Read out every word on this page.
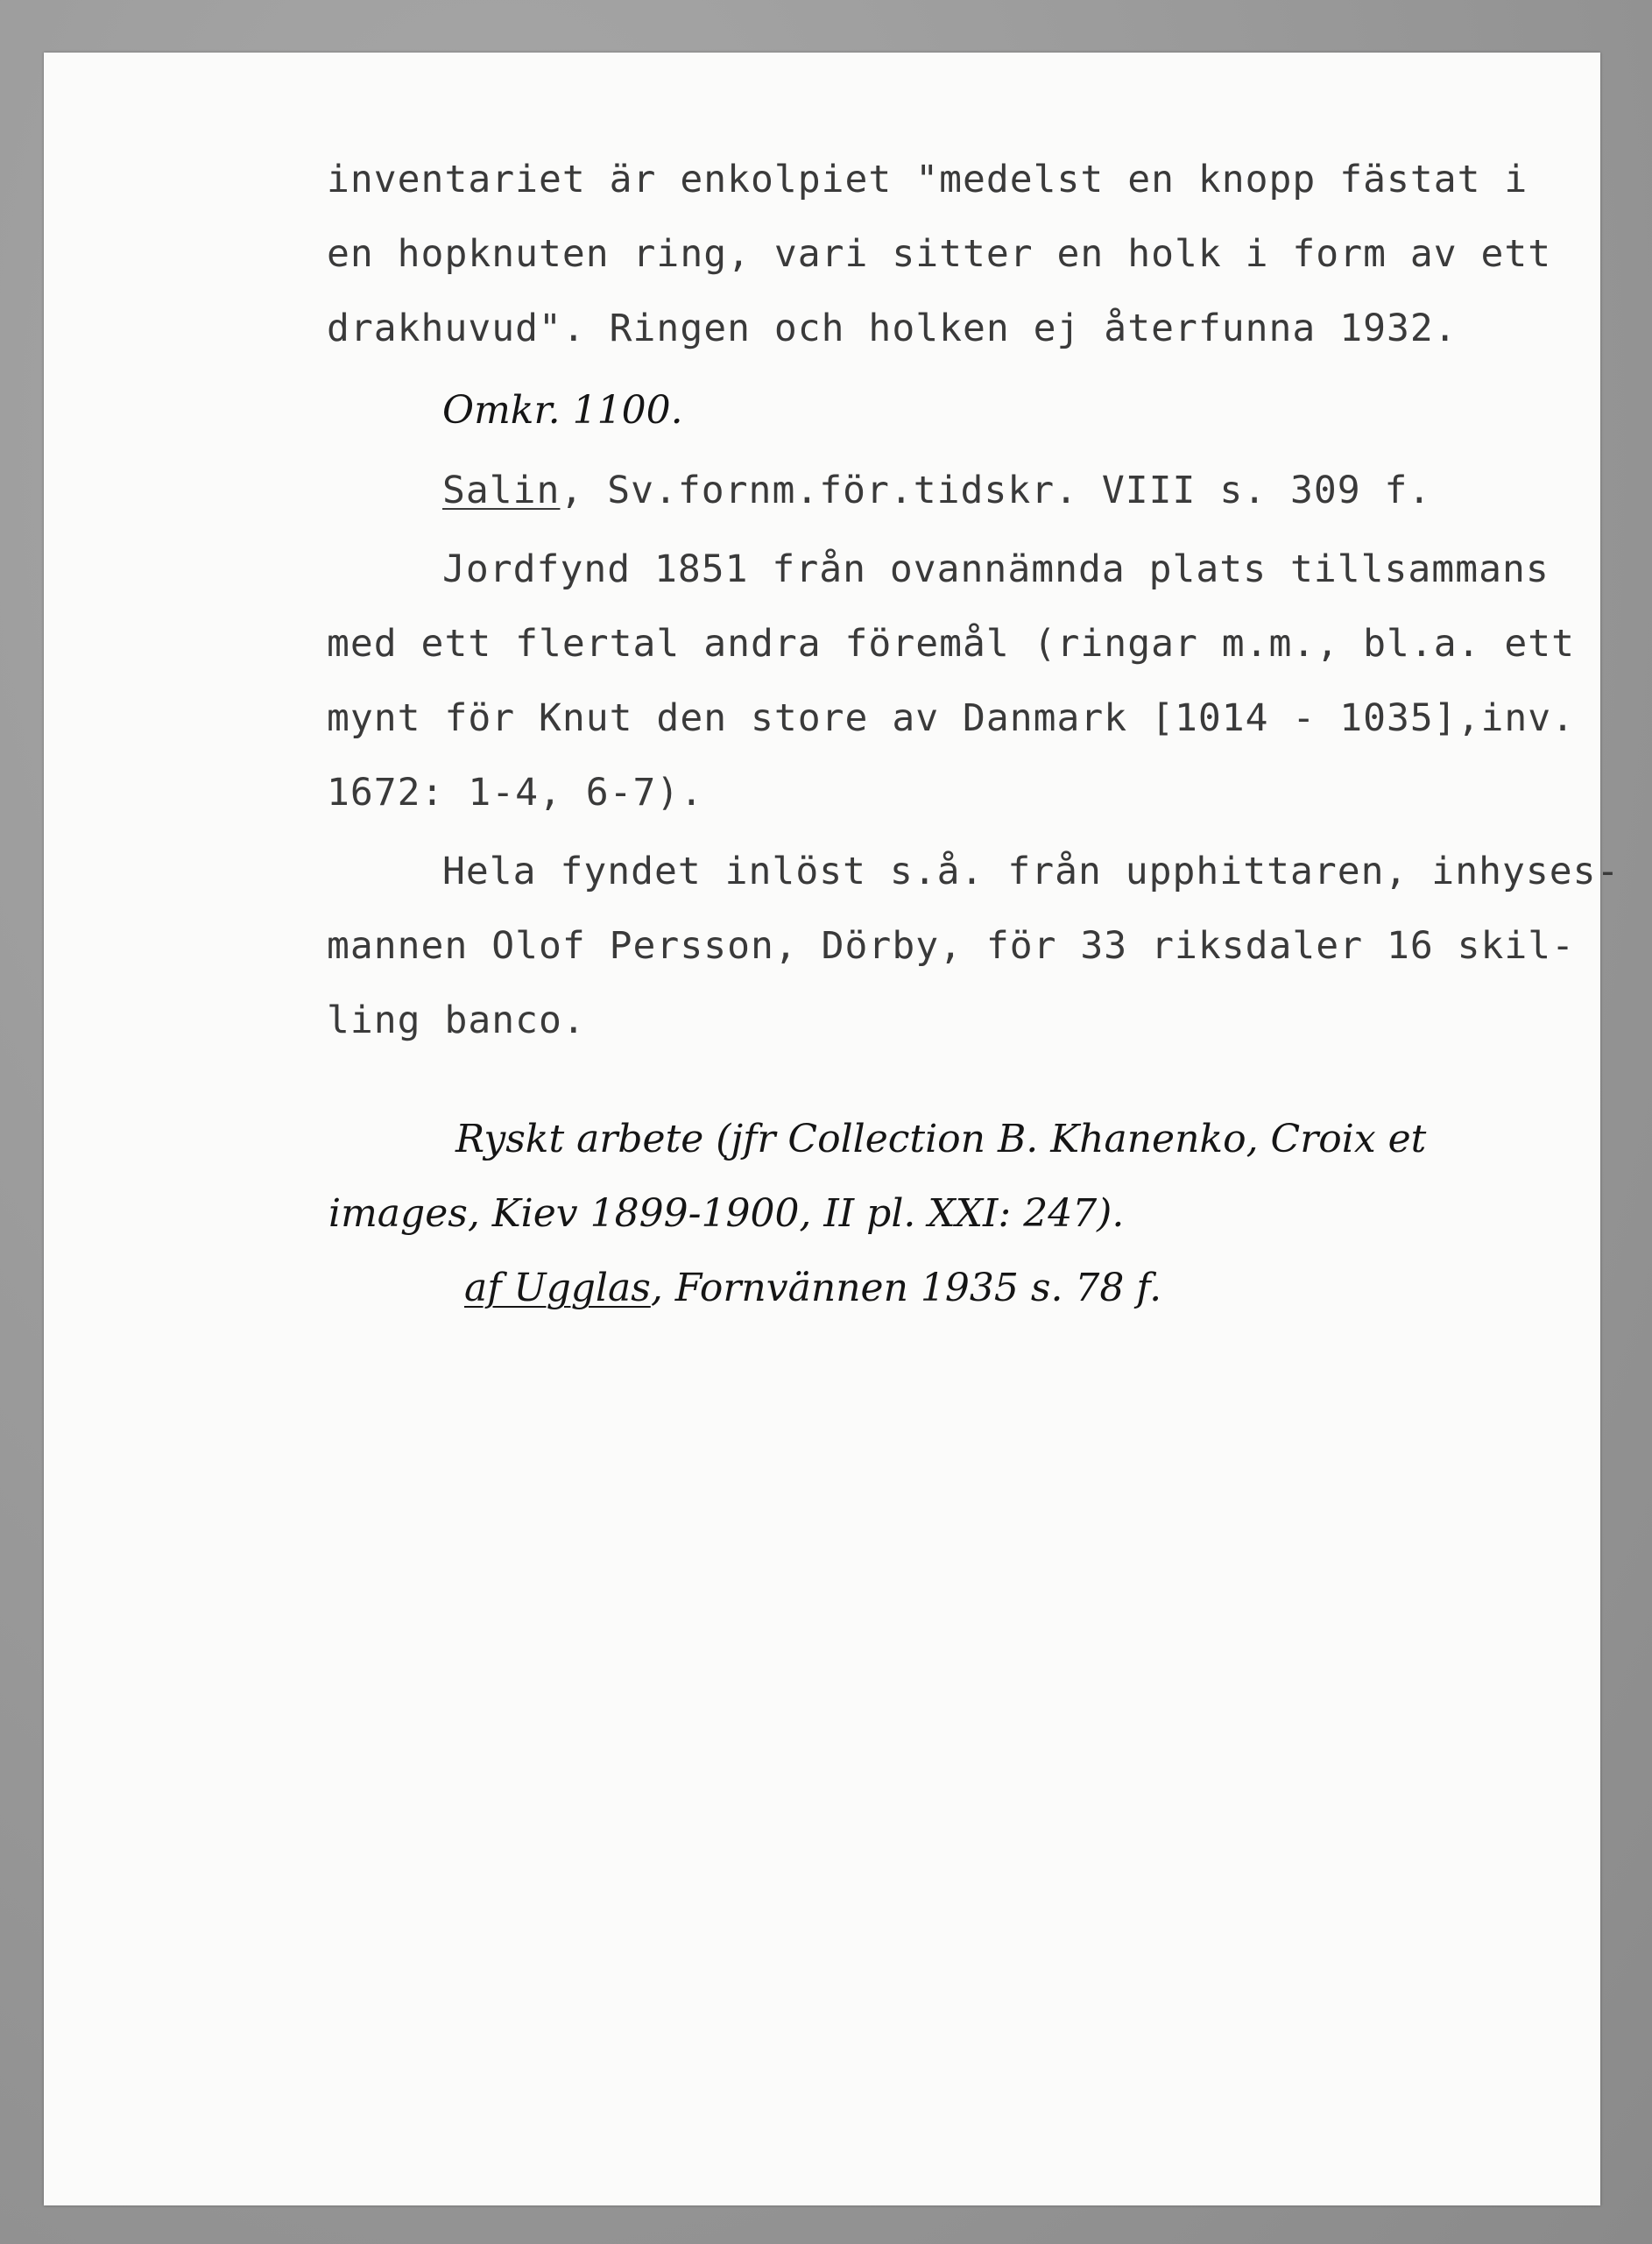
inventariet är enkolpiet "medelst en knopp fästat i
en hopknuten ring, vari sitter en holk i form av ett
drakhuvud". Ringen och holken ej återfunna 1932.
Omkr. 1100.
Salin, Sv.fornm.för.tidskr. VIII s. 309 f.
Jordfynd 1851 från ovannämnda plats tillsammans
med ett flertal andra föremål (ringar m.m., bl.a. ett
mynt för Knut den store av Danmark [1014 - 1035],inv.
1672: 1-4, 6-7).
Hela fyndet inlöst s.å. från upphittaren, inhyses-
mannen Olof Persson, Dörby, för 33 riksdaler 16 skil-
ling banco.
Ryskt arbete (jfr Collection B. Khanenko, Croix et
images, Kiev 1899-1900, II pl. XXI: 247).
af Ugglas, Fornvännen 1935 s. 78 f.
